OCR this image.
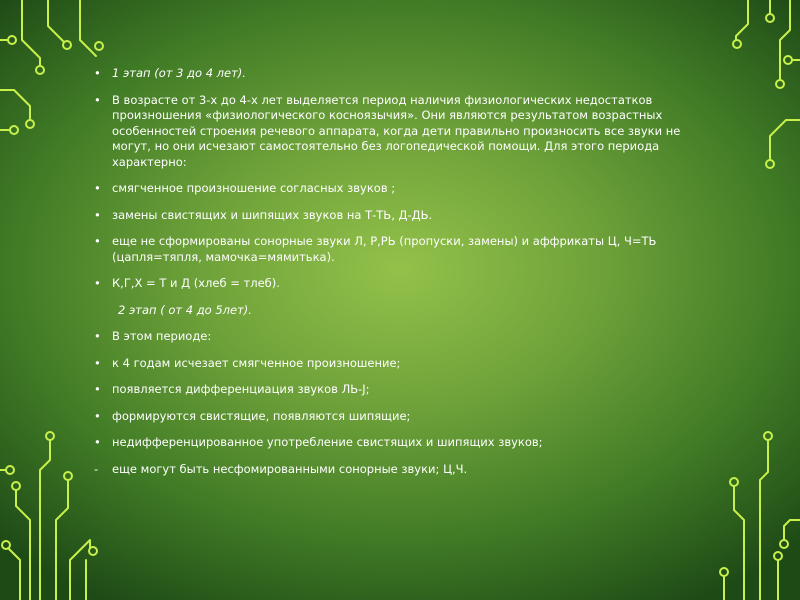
• 1 этап (от 3 до 4 лет).
• В возрасте от 3-х до 4-х лет выделяется период наличия физиологических недостатков произношения «физиологического косноязычия». Они являются результатом возрастных особенностей строения речевого аппарата, когда дети правильно произносить все звуки не могут, но они исчезают самостоятельно без логопедической помощи. Для этого периода характерно:
• смягченное произношение согласных звуков ;
• замены свистящих и шипящих звуков на Т-ТЬ, Д-ДЬ.
• еще не сформированы сонорные звуки Л, Р,РЬ (пропуски, замены) и аффрикаты Ц, Ч=ТЬ (цапля=тяпля, мамочка=мямитька).
• К,Г,Х = Т и Д (хлеб = тлеб).
2 этап ( от 4 до 5лет).
• В этом периоде:
• к 4 годам исчезает смягченное произношение;
• появляется дифференциация звуков ЛЬ-J;
• формируются свистящие, появляются шипящие;
• недифференцированное употребление свистящих и шипящих звуков;
- еще могут быть несфомированными сонорные звуки; Ц,Ч.
